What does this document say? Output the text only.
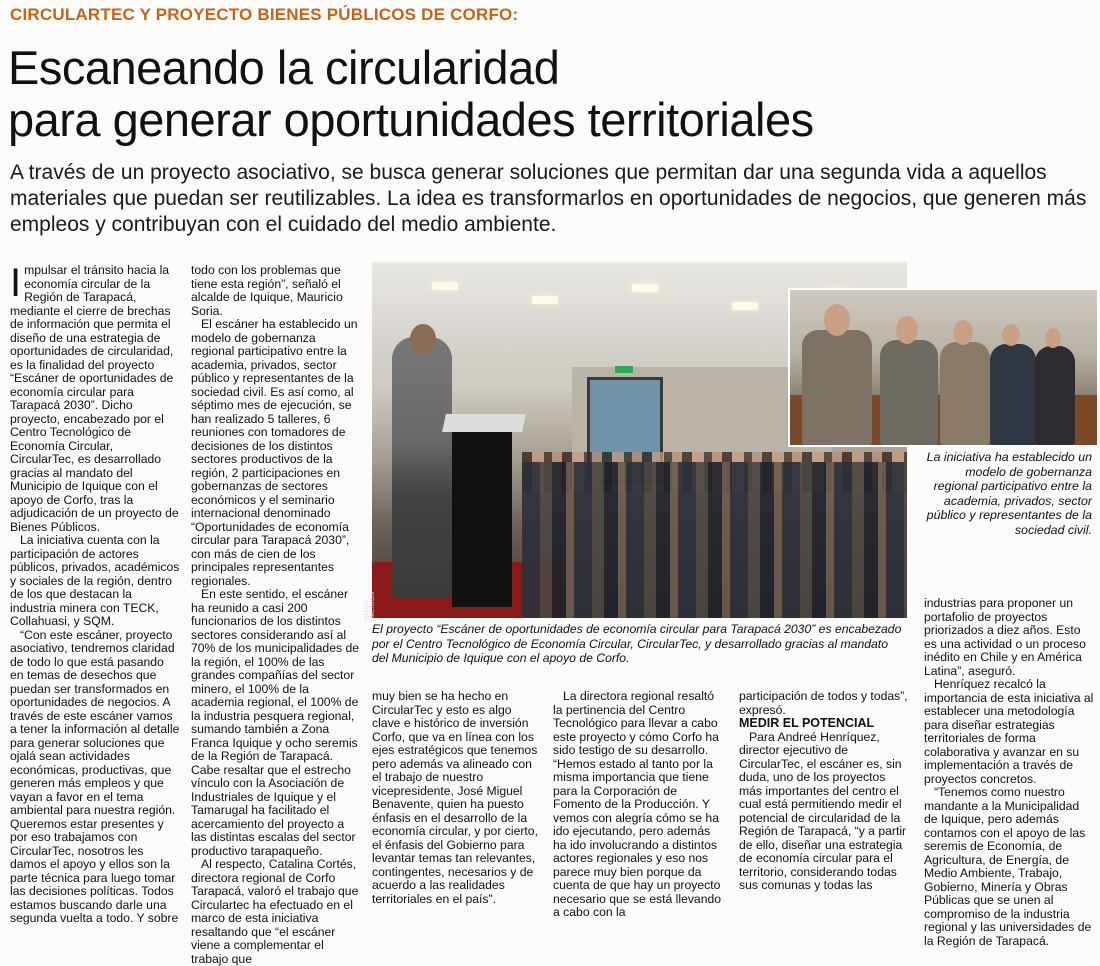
CIRCULARTEC Y PROYECTO BIENES PÚBLICOS DE CORFO:
Escaneando la circularidad
para generar oportunidades territoriales
A través de un proyecto asociativo, se busca generar soluciones que permitan dar una segunda vida a aquellos materiales que puedan ser reutilizables. La idea es transformarlos en oportunidades de negocios, que generen más empleos y contribuyan con el cuidado del medio ambiente.
I mpulsar el tránsito hacia la economía circular de la Región de Tarapacá, mediante el cierre de brechas de información que permita el diseño de una estrategia de oportunidades de circularidad, es la finalidad del proyecto “Escáner de oportunidades de economía circular para Tarapacá 2030”. Dicho proyecto, encabezado por el Centro Tecnológico de Economía Circular, CircularTec, es desarrollado gracias al mandato del Municipio de Iquique con el apoyo de Corfo, tras la adjudicación de un proyecto de Bienes Públicos.

La iniciativa cuenta con la participación de actores públicos, privados, académicos y sociales de la región, dentro de los que destacan la industria minera con TECK, Collahuasi, y SQM.

“Con este escáner, proyecto asociativo, tendremos claridad de todo lo que está pasando en temas de desechos que puedan ser transformados en oportunidades de negocios. A través de este escáner vamos a tener la información al detalle para generar soluciones que ojalá sean actividades económicas, productivas, que generen más empleos y que vayan a favor en el tema ambiental para nuestra región. Queremos estar presentes y por eso trabajamos con CircularTec, nosotros les damos el apoyo y ellos son la parte técnica para luego tomar las decisiones políticas. Todos estamos buscando darle una segunda vuelta a todo. Y sobre

todo con los problemas que tiene esta región”, señaló el alcalde de Iquique, Mauricio Soria.

El escáner ha establecido un modelo de gobernanza regional participativo entre la academia, privados, sector público y representantes de la sociedad civil. Es así como, al séptimo mes de ejecución, se han realizado 5 talleres, 6 reuniones con tomadores de decisiones de los distintos sectores productivos de la región, 2 participaciones en gobernanzas de sectores económicos y el seminario internacional denominado “Oportunidades de economía circular para Tarapacá 2030”, con más de cien de los principales representantes regionales.

En este sentido, el escáner ha reunido a casi 200 funcionarios de los distintos sectores considerando así al 70% de los municipalidades de la región, el 100% de las grandes compañías del sector minero, el 100% de la academia regional, el 100% de la industria pesquera regional, sumando también a Zona Franca Iquique y ocho seremis de la Región de Tarapacá. Cabe resaltar que el estrecho vínculo con la Asociación de Industriales de Iquique y el Tamarugal ha facilitado el acercamiento del proyecto a las distintas escalas del sector productivo tarapaqueño.

Al respecto, Catalina Cortés, directora regional de Corfo Tarapacá, valoró el trabajo que Circulartec ha efectuado en el marco de esta iniciativa resaltando que “el escáner viene a complementar el trabajo que

FOTOS: EMERLON
La iniciativa ha establecido un modelo de gobernanza regional participativo entre la academia, privados, sector público y representantes de la sociedad civil.
El proyecto “Escáner de oportunidades de economía circular para Tarapacá 2030” es encabezado por el Centro Tecnológico de Economía Circular, CircularTec, y desarrollado gracias al mandato del Municipio de Iquique con el apoyo de Corfo.

muy bien se ha hecho en CircularTec y esto es algo clave e histórico de inversión Corfo, que va en línea con los ejes estratégicos que tenemos pero además va alineado con el trabajo de nuestro vicepresidente, José Miguel Benavente, quien ha puesto énfasis en el desarrollo de la economía circular, y por cierto, el énfasis del Gobierno para levantar temas tan relevantes, contingentes, necesarios y de acuerdo a las realidades territoriales en el país”.

La directora regional resaltó la pertinencia del Centro Tecnológico para llevar a cabo este proyecto y cómo Corfo ha sido testigo de su desarrollo. “Hemos estado al tanto por la misma importancia que tiene para la Corporación de Fomento de la Producción. Y vemos con alegría cómo se ha ido ejecutando, pero además ha ido involucrando a distintos actores regionales y eso nos parece muy bien porque da cuenta de que hay un proyecto necesario que se está llevando a cabo con la

participación de todos y todas”, expresó.

MEDIR EL POTENCIAL

Para Andreé Henríquez, director ejecutivo de CircularTec, el escáner es, sin duda, uno de los proyectos más importantes del centro el cual está permitiendo medir el potencial de circularidad de la Región de Tarapacá, “y a partir de ello, diseñar una estrategia de economía circular para el territorio, considerando todas sus comunas y todas las

industrias para proponer un portafolio de proyectos priorizados a diez años. Esto es una actividad o un proceso inédito en Chile y en América Latina”, aseguró.

Henríquez recalcó la importancia de esta iniciativa al establecer una metodología para diseñar estrategias territoriales de forma colaborativa y avanzar en su implementación a través de proyectos concretos.

“Tenemos como nuestro mandante a la Municipalidad de Iquique, pero además contamos con el apoyo de las seremis de Economía, de Agricultura, de Energía, de Medio Ambiente, Trabajo, Gobierno, Minería y Obras Públicas que se unen al compromiso de la industria regional y las universidades de la Región de Tarapacá.
